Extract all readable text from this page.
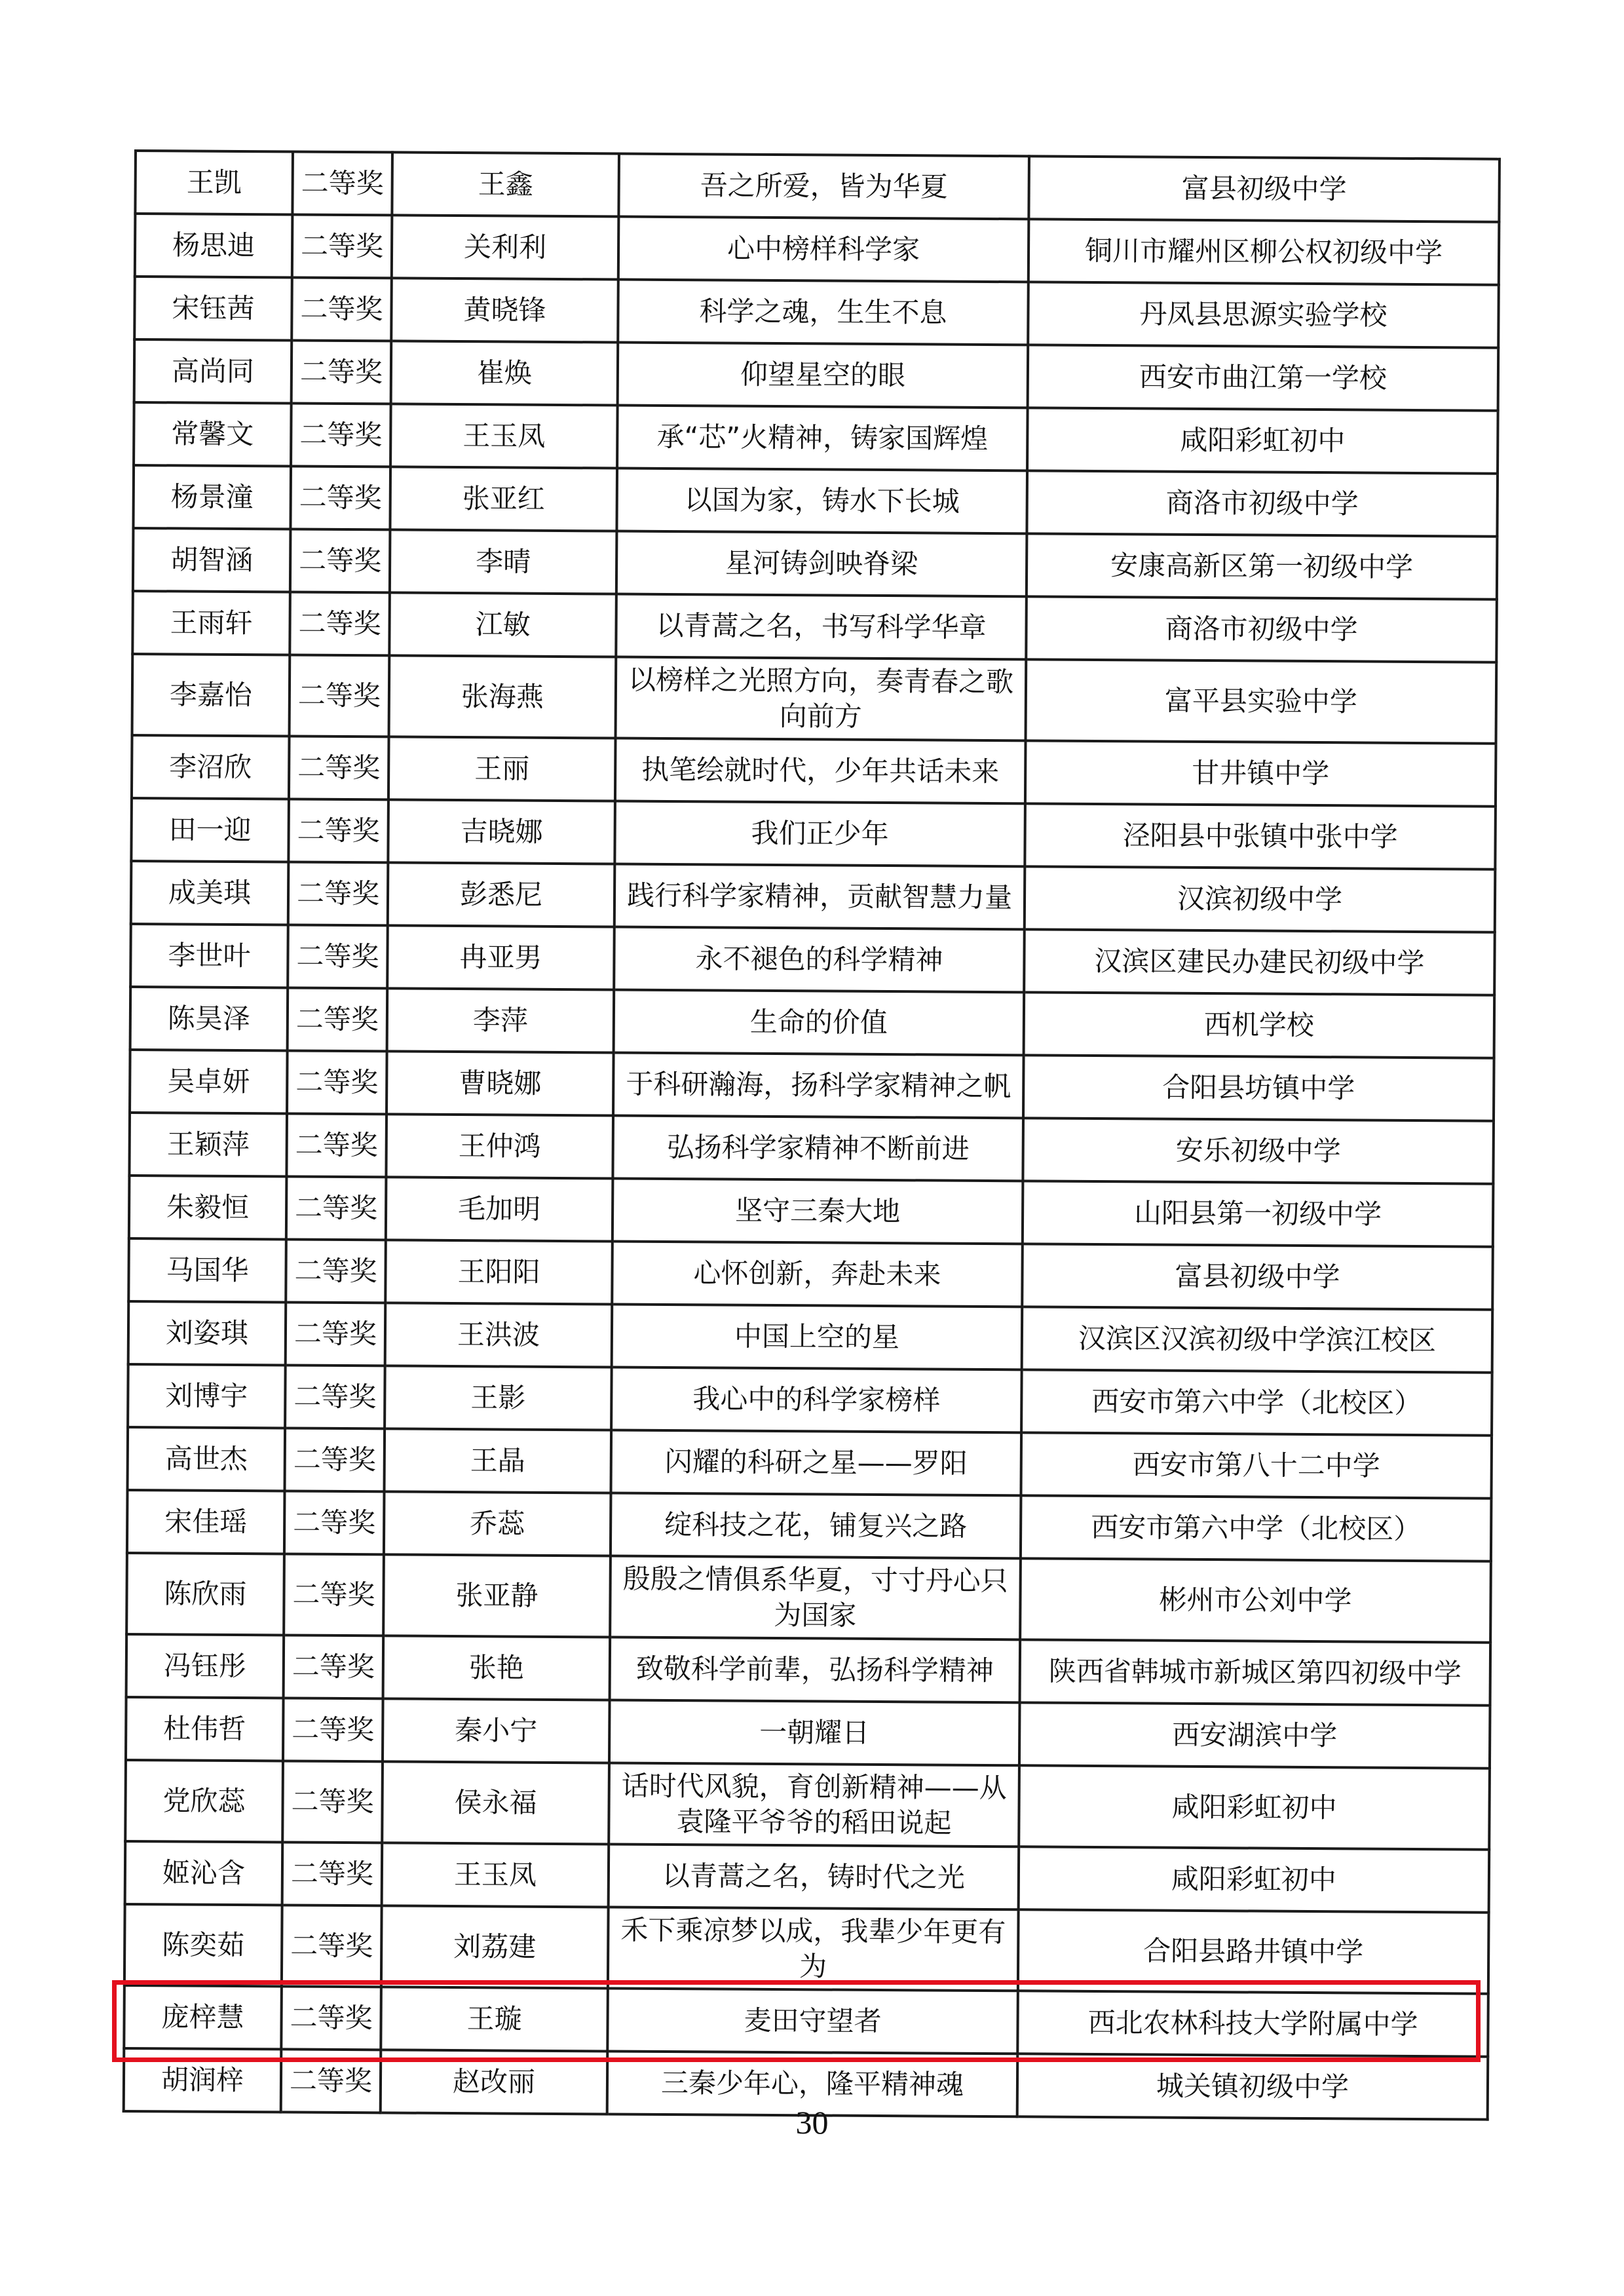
王凯	二等奖	王鑫	吾之所爱，皆为华夏	富县初级中学
杨思迪	二等奖	关利利	心中榜样科学家	铜川市耀州区柳公权初级中学
宋钰茜	二等奖	黄晓锋	科学之魂，生生不息	丹凤县思源实验学校
高尚同	二等奖	崔焕	仰望星空的眼	西安市曲江第一学校
常馨文	二等奖	王玉凤	承“芯”火精神，铸家国辉煌	咸阳彩虹初中
杨景潼	二等奖	张亚红	以国为家，铸水下长城	商洛市初级中学
胡智涵	二等奖	李晴	星河铸剑映脊梁	安康高新区第一初级中学
王雨轩	二等奖	江敏	以青蒿之名，书写科学华章	商洛市初级中学
李嘉怡	二等奖	张海燕	以榜样之光照方向，奏青春之歌向前方	富平县实验中学
李沼欣	二等奖	王丽	执笔绘就时代，少年共话未来	甘井镇中学
田一迎	二等奖	吉晓娜	我们正少年	泾阳县中张镇中张中学
成美琪	二等奖	彭悉尼	践行科学家精神，贡献智慧力量	汉滨初级中学
李世叶	二等奖	冉亚男	永不褪色的科学精神	汉滨区建民办建民初级中学
陈昊泽	二等奖	李萍	生命的价值	西机学校
吴卓妍	二等奖	曹晓娜	于科研瀚海，扬科学家精神之帆	合阳县坊镇中学
王颖萍	二等奖	王仲鸿	弘扬科学家精神不断前进	安乐初级中学
朱毅恒	二等奖	毛加明	坚守三秦大地	山阳县第一初级中学
马国华	二等奖	王阳阳	心怀创新，奔赴未来	富县初级中学
刘姿琪	二等奖	王洪波	中国上空的星	汉滨区汉滨初级中学滨江校区
刘博宇	二等奖	王影	我心中的科学家榜样	西安市第六中学（北校区）
高世杰	二等奖	王晶	闪耀的科研之星——罗阳	西安市第八十二中学
宋佳瑶	二等奖	乔蕊	绽科技之花，铺复兴之路	西安市第六中学（北校区）
陈欣雨	二等奖	张亚静	殷殷之情俱系华夏，寸寸丹心只为国家	彬州市公刘中学
冯钰彤	二等奖	张艳	致敬科学前辈，弘扬科学精神	陕西省韩城市新城区第四初级中学
杜伟哲	二等奖	秦小宁	一朝耀日	西安湖滨中学
党欣蕊	二等奖	侯永福	话时代风貌，育创新精神——从袁隆平爷爷的稻田说起	咸阳彩虹初中
姬沁含	二等奖	王玉凤	以青蒿之名，铸时代之光	咸阳彩虹初中
陈奕茹	二等奖	刘荔建	禾下乘凉梦以成，我辈少年更有为	合阳县路井镇中学
庞梓慧	二等奖	王璇	麦田守望者	西北农林科技大学附属中学
胡润梓	二等奖	赵改丽	三秦少年心，隆平精神魂	城关镇初级中学
30
